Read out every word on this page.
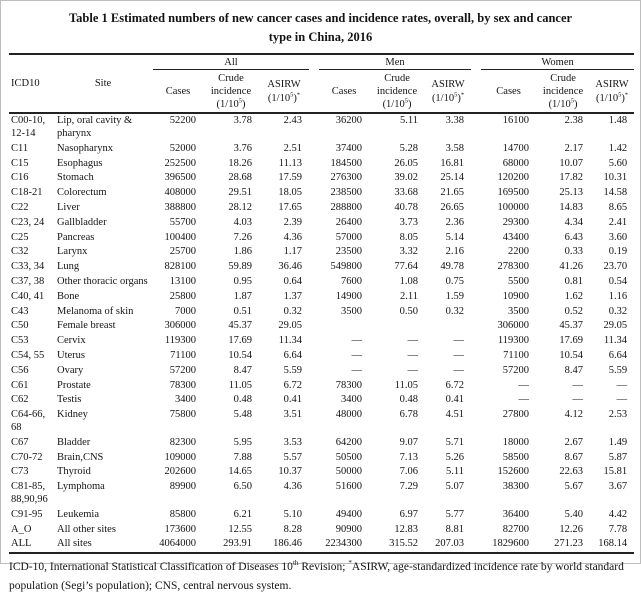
Table 1 Estimated numbers of new cancer cases and incidence rates, overall, by sex and cancer type in China, 2016
ICD10	Site	All				Men				Women		
		Cases	Crude incidence $(1/10^5)$	ASIRW $(1/10^5)^*$		Cases	Crude incidence $(1/10^5)$	ASIRW $(1/10^5)^*$		Cases	Crude incidence $(1/10^5)$	ASIRW $(1/10^5)^*$
C00-10, 12-14	Lip, oral cavity & pharynx	52200	3.78	2.43		36200	5.11	3.38		16100	2.38	1.48
C11	Nasopharynx	52000	3.76	2.51		37400	5.28	3.58		14700	2.17	1.42
C15	Esophagus	252500	18.26	11.13		184500	26.05	16.81		68000	10.07	5.60
C16	Stomach	396500	28.68	17.59		276300	39.02	25.14		120200	17.82	10.31
C18-21	Colorectum	408000	29.51	18.05		238500	33.68	21.65		169500	25.13	14.58
C22	Liver	388800	28.12	17.65		288800	40.78	26.65		100000	14.83	8.65
C23, 24	Gallbladder	55700	4.03	2.39		26400	3.73	2.36		29300	4.34	2.41
C25	Pancreas	100400	7.26	4.36		57000	8.05	5.14		43400	6.43	3.60
C32	Larynx	25700	1.86	1.17		23500	3.32	2.16		2200	0.33	0.19
C33, 34	Lung	828100	59.89	36.46		549800	77.64	49.78		278300	41.26	23.70
C37, 38	Other thoracic organs	13100	0.95	0.64		7600	1.08	0.75		5500	0.81	0.54
C40, 41	Bone	25800	1.87	1.37		14900	2.11	1.59		10900	1.62	1.16
C43	Melanoma of skin	7000	0.51	0.32		3500	0.50	0.32		3500	0.52	0.32
C50	Female breast	306000	45.37	29.05						306000	45.37	29.05
C53	Cervix	119300	17.69	11.34		—	—	—		119300	17.69	11.34
C54, 55	Uterus	71100	10.54	6.64		—	—	—		71100	10.54	6.64
C56	Ovary	57200	8.47	5.59		—	—	—		57200	8.47	5.59
C61	Prostate	78300	11.05	6.72		78300	11.05	6.72		—	—	—
C62	Testis	3400	0.48	0.41		3400	0.48	0.41		—	—	—
C64-66, 68	Kidney	75800	5.48	3.51		48000	6.78	4.51		27800	4.12	2.53
C67	Bladder	82300	5.95	3.53		64200	9.07	5.71		18000	2.67	1.49
C70-72	Brain,CNS	109000	7.88	5.57		50500	7.13	5.26		58500	8.67	5.87
C73	Thyroid	202600	14.65	10.37		50000	7.06	5.11		152600	22.63	15.81
C81-85, 88,90,96	Lymphoma	89900	6.50	4.36		51600	7.29	5.07		38300	5.67	3.67
C91-95	Leukemia	85800	6.21	5.10		49400	6.97	5.77		36400	5.40	4.42
A_O	All other sites	173600	12.55	8.28		90900	12.83	8.81		82700	12.26	7.78
ALL	All sites	4064000	293.91	186.46		2234300	315.52	207.03		1829600	271.23	168.14
ICD-10, International Statistical Classification of Diseases 10th Revision; *ASIRW, age-standardized incidence rate by world standard population (Segi’s population); CNS, central nervous system.
